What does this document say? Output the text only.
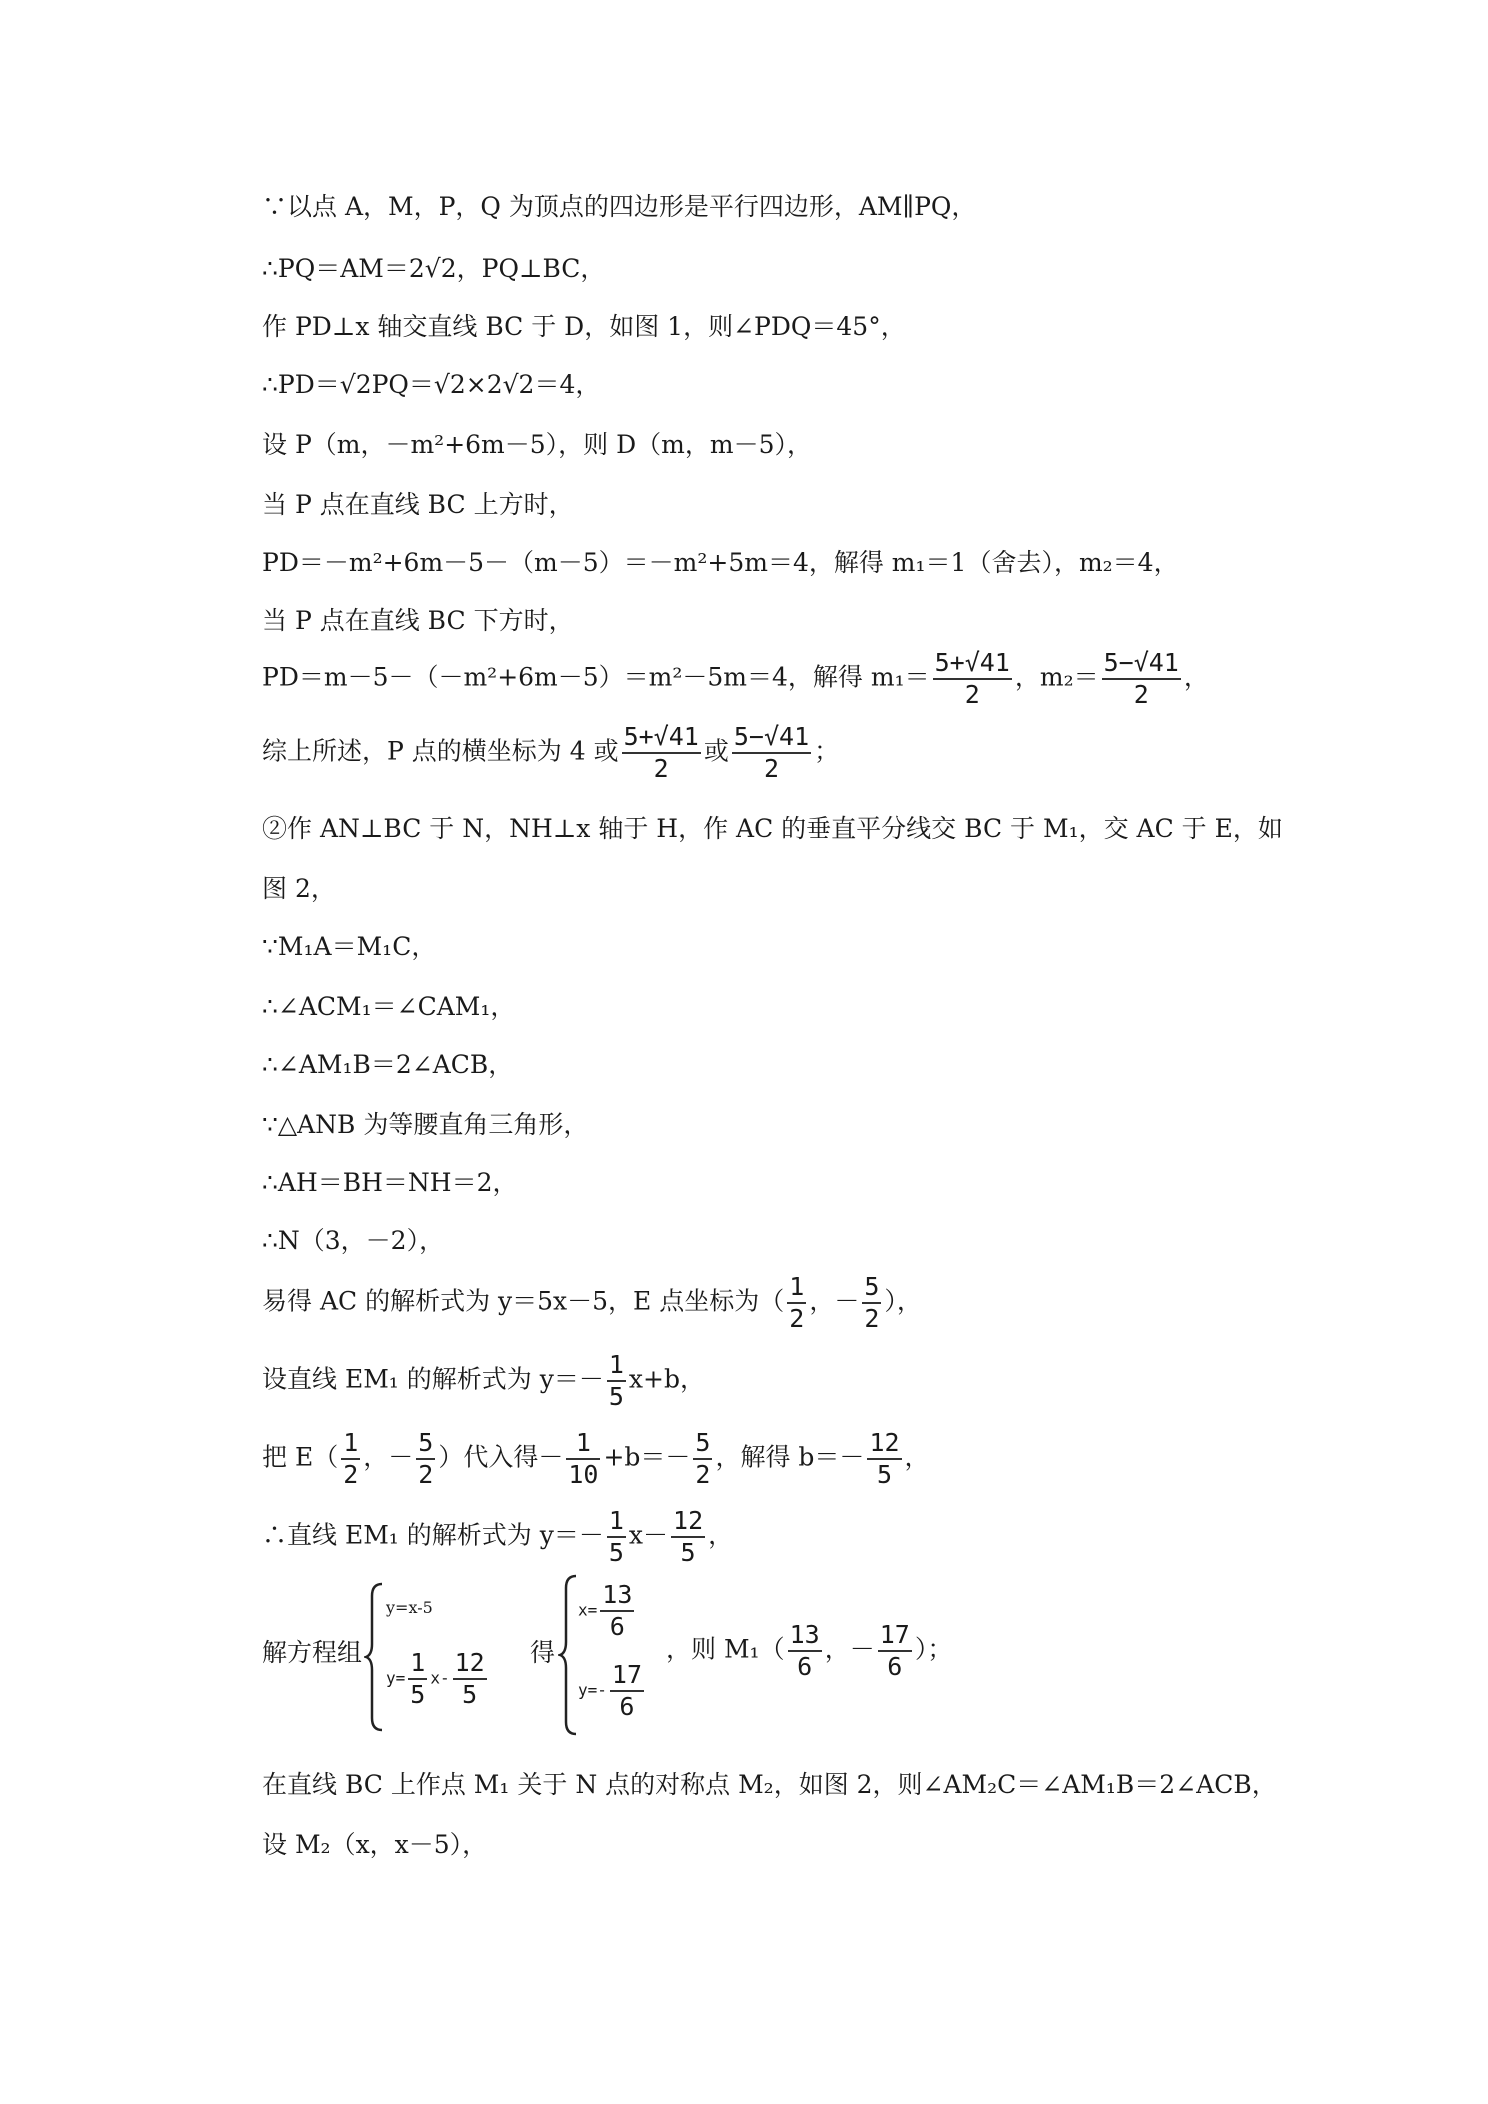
∵以点 A，M，P，Q 为顶点的四边形是平行四边形，AM∥PQ，
∴PQ＝AM＝2√2，PQ⊥BC，
作 PD⊥x 轴交直线 BC 于 D，如图 1，则∠PDQ＝45°，
∴PD＝√2PQ＝√2×2√2＝4，
设 P（m，－m²+6m－5），则 D（m，m－5），
当 P 点在直线 BC 上方时，
PD＝－m²+6m－5－（m－5）＝－m²+5m＝4，解得 m₁＝1（舍去），m₂＝4，
当 P 点在直线 BC 下方时，
PD＝m－5－（－m²+6m－5）＝m²－5m＝4，解得 $m_1= \frac{5+√41}{2}$ ，$m_2= \frac{5-√41}{2}$ ，
综上所述，P 点的横坐标为 4 或 $\frac{5+√41}{2}$ 或 $\frac{5-√41}{2}$ ；
②作 AN⊥BC 于 N，NH⊥x 轴于 H，作 AC 的垂直平分线交 BC 于 M₁，交 AC 于 E，如
图 2，
∵M₁A＝M₁C，
∴∠ACM₁＝∠CAM₁，
∴∠AM₁B＝2∠ACB，
∵△ANB 为等腰直角三角形，
∴AH＝BH＝NH＝2，
∴N（3，－2），
易得 AC 的解析式为 y＝5x－5，E 点坐标为（ $\frac{1}{2}$ ，－ $\frac{5}{2}$ ），
设直线 EM₁ 的解析式为 $y=- \frac{1}{5} x+b$，
把 $E( \frac{1}{2}$ ，－ $\frac{5}{2}$ ）代入得－ $\frac{1}{10} +b=- \frac{5}{2}$ ，解得 $b=- \frac{12}{5}$ ，
∴直线 EM₁ 的解析式为 $y=- \frac{1}{5} x- \frac{12}{5}$ ，
解方程组
y=x-5
$y= \frac{1}{5} x- \frac{12}{5}$ 得
$x= \frac{13}{6}$
$y=- \frac{17}{6}$
，则 $M_1( \frac{13}{6}$ ，－ $\frac{17}{6}$ ）；
在直线 BC 上作点 M₁ 关于 N 点的对称点 M₂，如图 2，则∠AM₂C＝∠AM₁B＝2∠ACB，
设 M₂（x，x－5），
